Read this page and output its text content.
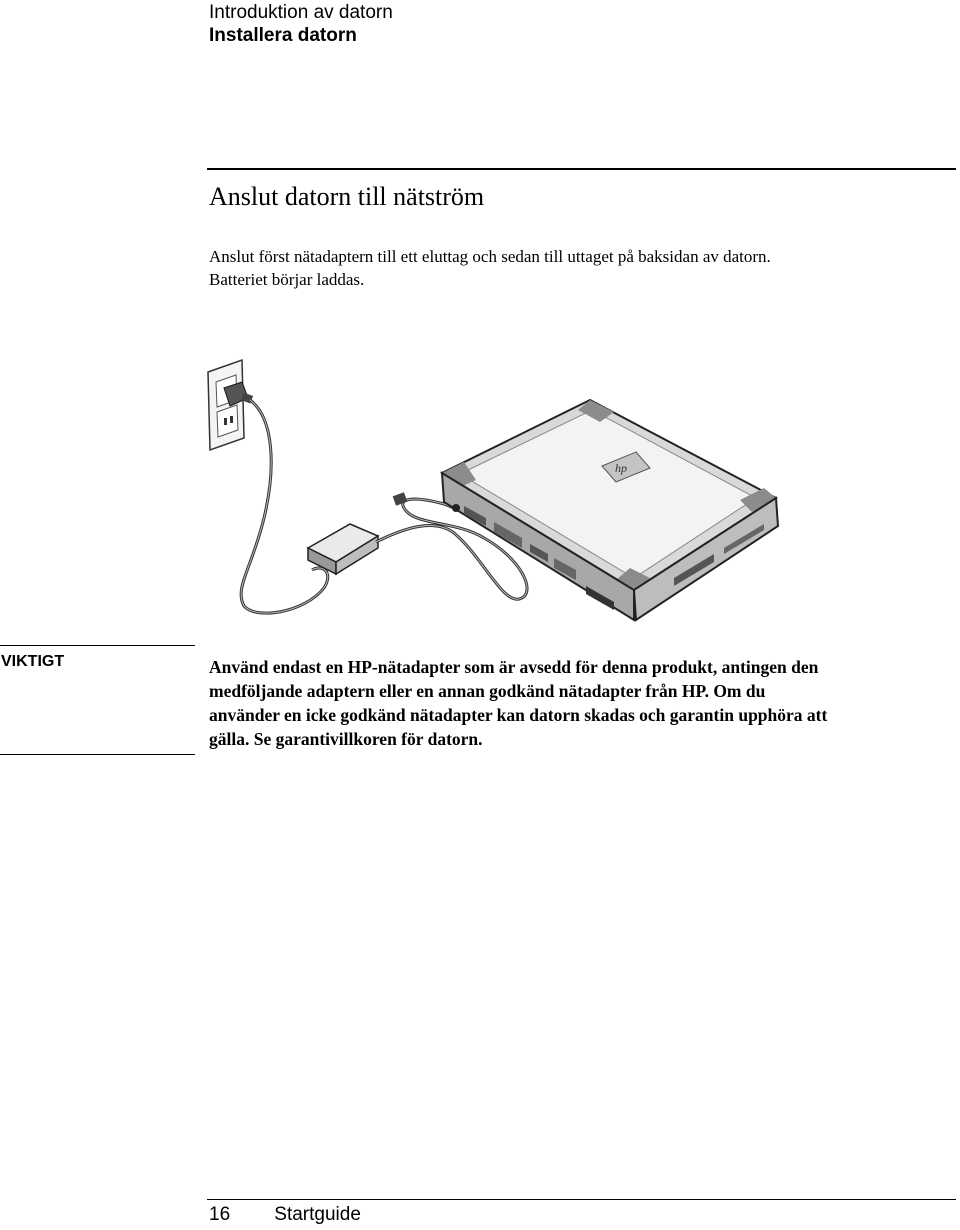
Introduktion av datorn
Installera datorn
Anslut datorn till nätström
Anslut först nätadaptern till ett eluttag och sedan till uttaget på baksidan av datorn.
Batteriet börjar laddas.
hp
VIKTIGT	Använd endast en HP-nätadapter som är avsedd för denna produkt, antingen den
medföljande adaptern eller en annan godkänd nätadapter från HP. Om du
använder en icke godkänd nätadapter kan datorn skadas och garantin upphöra att
gälla. Se garantivillkoren för datorn.
16 Startguide
